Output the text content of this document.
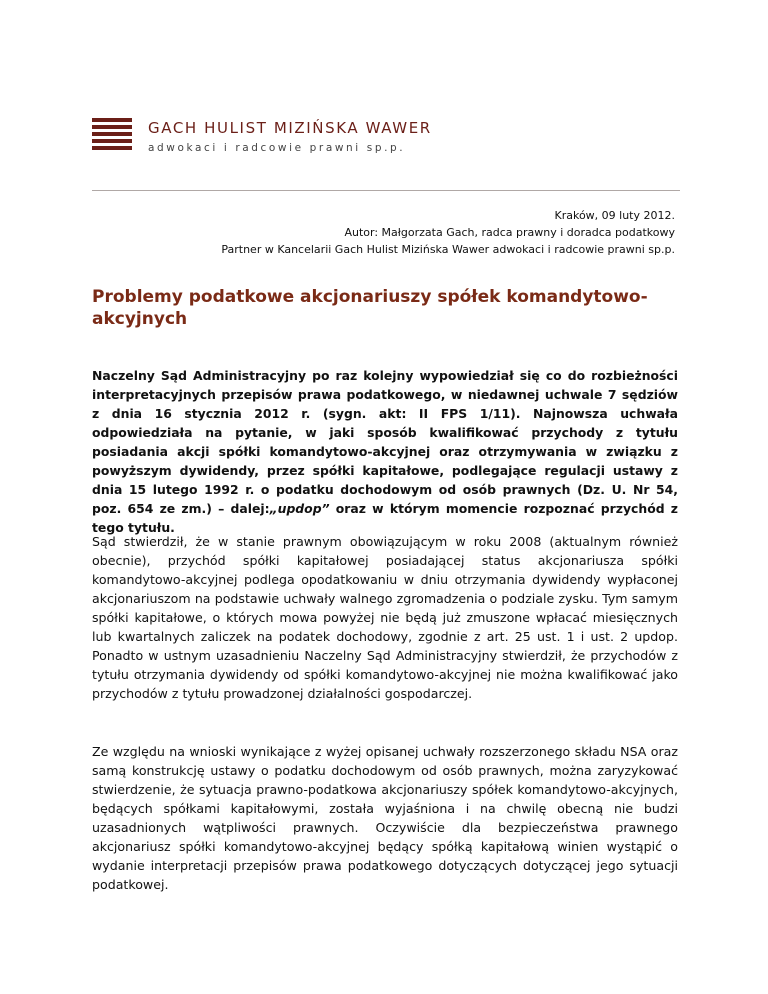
GACH HULIST MIZIŃSKA WAWER
adwokaci i radcowie prawni sp.p.
Kraków, 09 luty 2012.
Autor: Małgorzata Gach, radca prawny i doradca podatkowy
Partner w Kancelarii Gach Hulist Mizińska Wawer adwokaci i radcowie prawni sp.p.
Problemy podatkowe akcjonariuszy spółek komandytowo-akcyjnych
Naczelny Sąd Administracyjny po raz kolejny wypowiedział się co do rozbieżności interpretacyjnych przepisów prawa podatkowego, w niedawnej uchwale 7 sędziów z dnia 16 stycznia 2012 r. (sygn. akt: II FPS 1/11). Najnowsza uchwała odpowiedziała na pytanie, w jaki sposób kwalifikować przychody z tytułu posiadania akcji spółki komandytowo-akcyjnej oraz otrzymywania w związku z powyższym dywidendy, przez spółki kapitałowe, podlegające regulacji ustawy z dnia 15 lutego 1992 r. o podatku dochodowym od osób prawnych (Dz. U. Nr 54, poz. 654 ze zm.) – dalej:„updop” oraz w którym momencie rozpoznać przychód z tego tytułu.
Sąd stwierdził, że w stanie prawnym obowiązującym w roku 2008 (aktualnym również obecnie), przychód spółki kapitałowej posiadającej status akcjonariusza spółki komandytowo-akcyjnej podlega opodatkowaniu w dniu otrzymania dywidendy wypłaconej akcjonariuszom na podstawie uchwały walnego zgromadzenia o podziale zysku. Tym samym spółki kapitałowe, o których mowa powyżej nie będą już zmuszone wpłacać miesięcznych lub kwartalnych zaliczek na podatek dochodowy, zgodnie z art. 25 ust. 1 i ust. 2 updop. Ponadto w ustnym uzasadnieniu Naczelny Sąd Administracyjny stwierdził, że przychodów z tytułu otrzymania dywidendy od spółki komandytowo-akcyjnej nie można kwalifikować jako przychodów z tytułu prowadzonej działalności gospodarczej.
Ze względu na wnioski wynikające z wyżej opisanej uchwały rozszerzonego składu NSA oraz samą konstrukcję ustawy o podatku dochodowym od osób prawnych, można zaryzykować stwierdzenie, że sytuacja prawno-podatkowa akcjonariuszy spółek komandytowo-akcyjnych, będących spółkami kapitałowymi, została wyjaśniona i na chwilę obecną nie budzi uzasadnionych wątpliwości prawnych. Oczywiście dla bezpieczeństwa prawnego akcjonariusz spółki komandytowo-akcyjnej będący spółką kapitałową winien wystąpić o wydanie interpretacji przepisów prawa podatkowego dotyczących dotyczącej jego sytuacji podatkowej.
